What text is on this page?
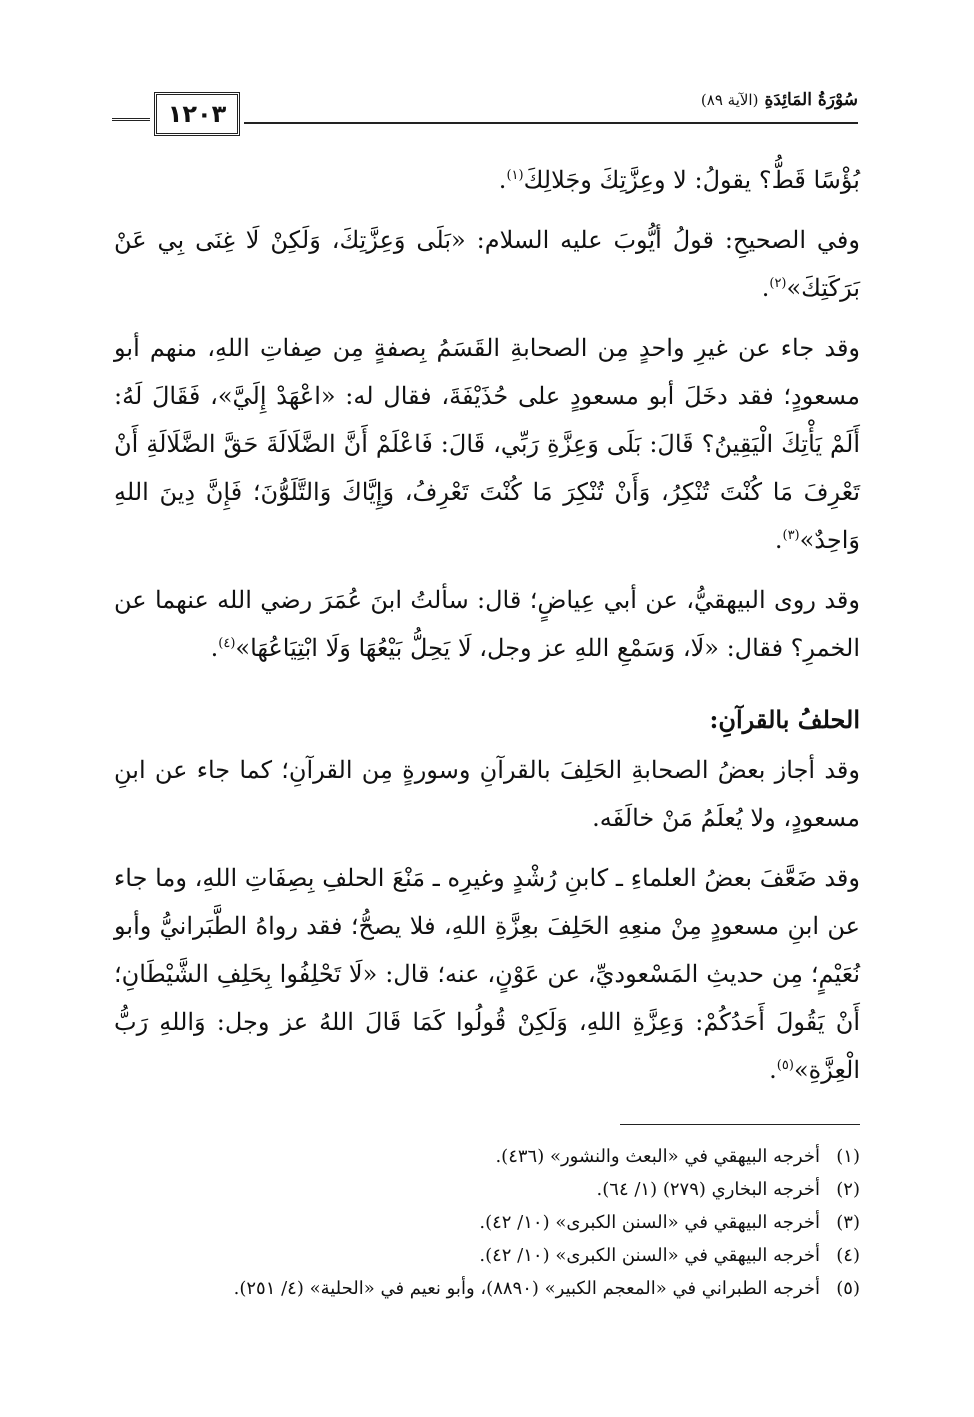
١٢٠٣	سُوْرَةُ المَائِدَةِ(الآية ٨٩)

بُؤْسًا قَطُّ؟ يقولُ: لا وعِزَّتِكَ وجَلالِكَ$^{(١)}$.

وفي الصحيحِ: قولُ أيُّوبَ عليه السلام: «بَلَى وَعِزَّتِكَ، وَلَكِنْ لَا غِنَى بِي عَنْ بَرَكَتِكَ»$^{(٢)}$.

وقد جاء عن غيرِ واحدٍ مِن الصحابةِ القَسَمُ بِصفةٍ مِن صِفاتِ اللهِ، منهم أبو مسعودٍ؛ فقد دخَلَ أبو مسعودٍ على حُذَيْفَةَ، فقال له: «اعْهَدْ إِلَيَّ»، فَقَالَ لَهُ: أَلَمْ يَأْتِكَ الْيَقِينُ؟ قَالَ: بَلَى وَعِزَّةِ رَبِّي، قَالَ: فَاعْلَمْ أَنَّ الضَّلَالَةَ حَقَّ الضَّلَالَةِ أَنْ تَعْرِفَ مَا كُنْتَ تُنْكِرُ، وَأَنْ تُنْكِرَ مَا كُنْتَ تَعْرِفُ، وَإِيَّاكَ وَالتَّلَوُّنَ؛ فَإِنَّ دِينَ اللهِ وَاحِدٌ»$^{(٣)}$.

وقد روى البيهقيُّ، عن أبي عِياضٍ؛ قال: سألتُ ابنَ عُمَرَ رضي الله عنهما عن الخمرِ؟ فقال: «لَا، وَسَمْعِ اللهِ عز وجل، لَا يَحِلُّ بَيْعُهَا وَلَا ابْتِيَاعُهَا»$^{(٤)}$.

الحلفُ بالقرآنِ:

وقد أجاز بعضُ الصحابةِ الحَلِفَ بالقرآنِ وسورةٍ مِن القرآنِ؛ كما جاء عن ابنِ مسعودٍ، ولا يُعلَمُ مَنْ خالَفَه.

وقد ضَعَّفَ بعضُ العلماءِ ـ كابنِ رُشْدٍ وغيرِه ـ مَنْعَ الحلفِ بِصِفَاتِ اللهِ، وما جاء عن ابنِ مسعودٍ مِنْ منعِهِ الحَلِفَ بعِزَّةِ اللهِ، فلا يصحُّ؛ فقد رواهُ الطَّبَرانيُّ وأبو نُعَيْمٍ؛ مِن حديثِ المَسْعوديِّ، عن عَوْنٍ، عنه؛ قال: «لَا تَحْلِفُوا بِحَلِفِ الشَّيْطَانِ؛ أَنْ يَقُولَ أَحَدُكُمْ: وَعِزَّةِ اللهِ، وَلَكِنْ قُولُوا كَمَا قَالَ اللهُ عز وجل: وَاللهِ رَبُّ الْعِزَّةِ»$^{(٥)}$.

(١)
أخرجه البيهقي في «البعث والنشور» (٤٣٦).
(٢)
أخرجه البخاري (٢٧٩) (١/ ٦٤).
(٣)
أخرجه البيهقي في «السنن الكبرى» (١٠/ ٤٢).
(٤)
أخرجه البيهقي في «السنن الكبرى» (١٠/ ٤٢).
(٥)
أخرجه الطبراني في «المعجم الكبير» (٨٨٩٠)، وأبو نعيم في «الحلية» (٤/ ٢٥١).
